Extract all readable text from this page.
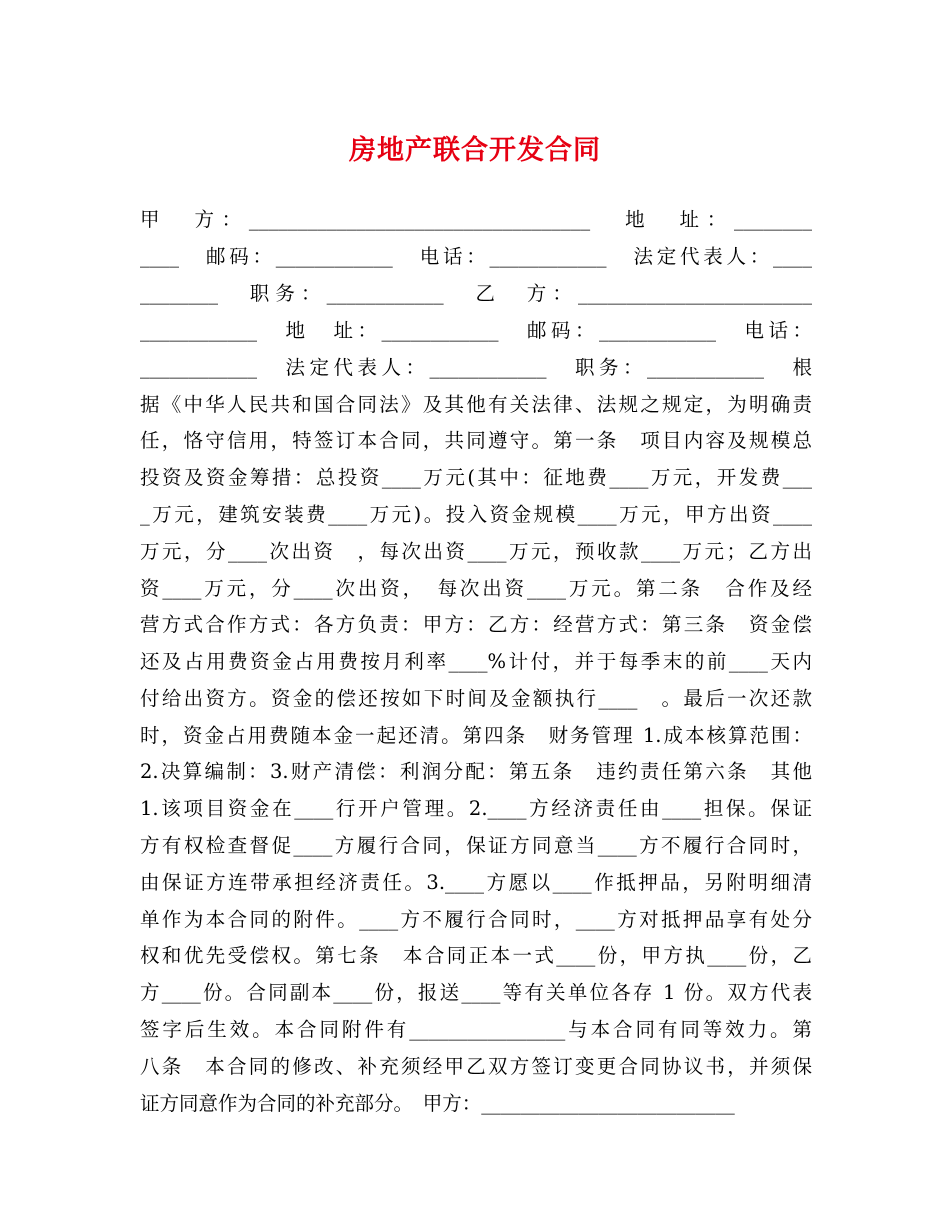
房地产联合开发合同
甲　方：___________________________________　地　址：________
____　邮码：____________　电话：____________　法定代表人：____
________　职务：____________　乙　方：________________________
____________　地　址：____________　邮码：____________　电话：
____________　法定代表人：____________　职务：____________　根
据《中华人民共和国合同法》及其他有关法律、法规之规定，为明确责
任，恪守信用，特签订本合同，共同遵守。第一条　项目内容及规模总
投资及资金筹措：总投资____万元(其中：征地费____万元，开发费___
_万元，建筑安装费____万元)。投入资金规模____万元，甲方出资____
万元，分____次出资　，每次出资____万元，预收款____万元；乙方出
资____万元，分____次出资，　每次出资____万元。第二条　合作及经
营方式合作方式：各方负责：甲方：乙方：经营方式：第三条　资金偿
还及占用费资金占用费按月利率____%计付，并于每季末的前____天内
付给出资方。资金的偿还按如下时间及金额执行____　。最后一次还款
时，资金占用费随本金一起还清。第四条　财务管理 1.成本核算范围：
2.决算编制：3.财产清偿：利润分配：第五条　违约责任第六条　其他
1.该项目资金在____行开户管理。2.____方经济责任由____担保。保证
方有权检查督促____方履行合同，保证方同意当____方不履行合同时，
由保证方连带承担经济责任。3.____方愿以____作抵押品，另附明细清
单作为本合同的附件。____方不履行合同时，____方对抵押品享有处分
权和优先受偿权。第七条　本合同正本一式____份，甲方执____份，乙
方____份。合同副本____份，报送____等有关单位各存 1 份。双方代表
签字后生效。本合同附件有________________与本合同有同等效力。第
八条　本合同的修改、补充须经甲乙双方签订变更合同协议书，并须保
证方同意作为合同的补充部分。　甲方：__________________________
